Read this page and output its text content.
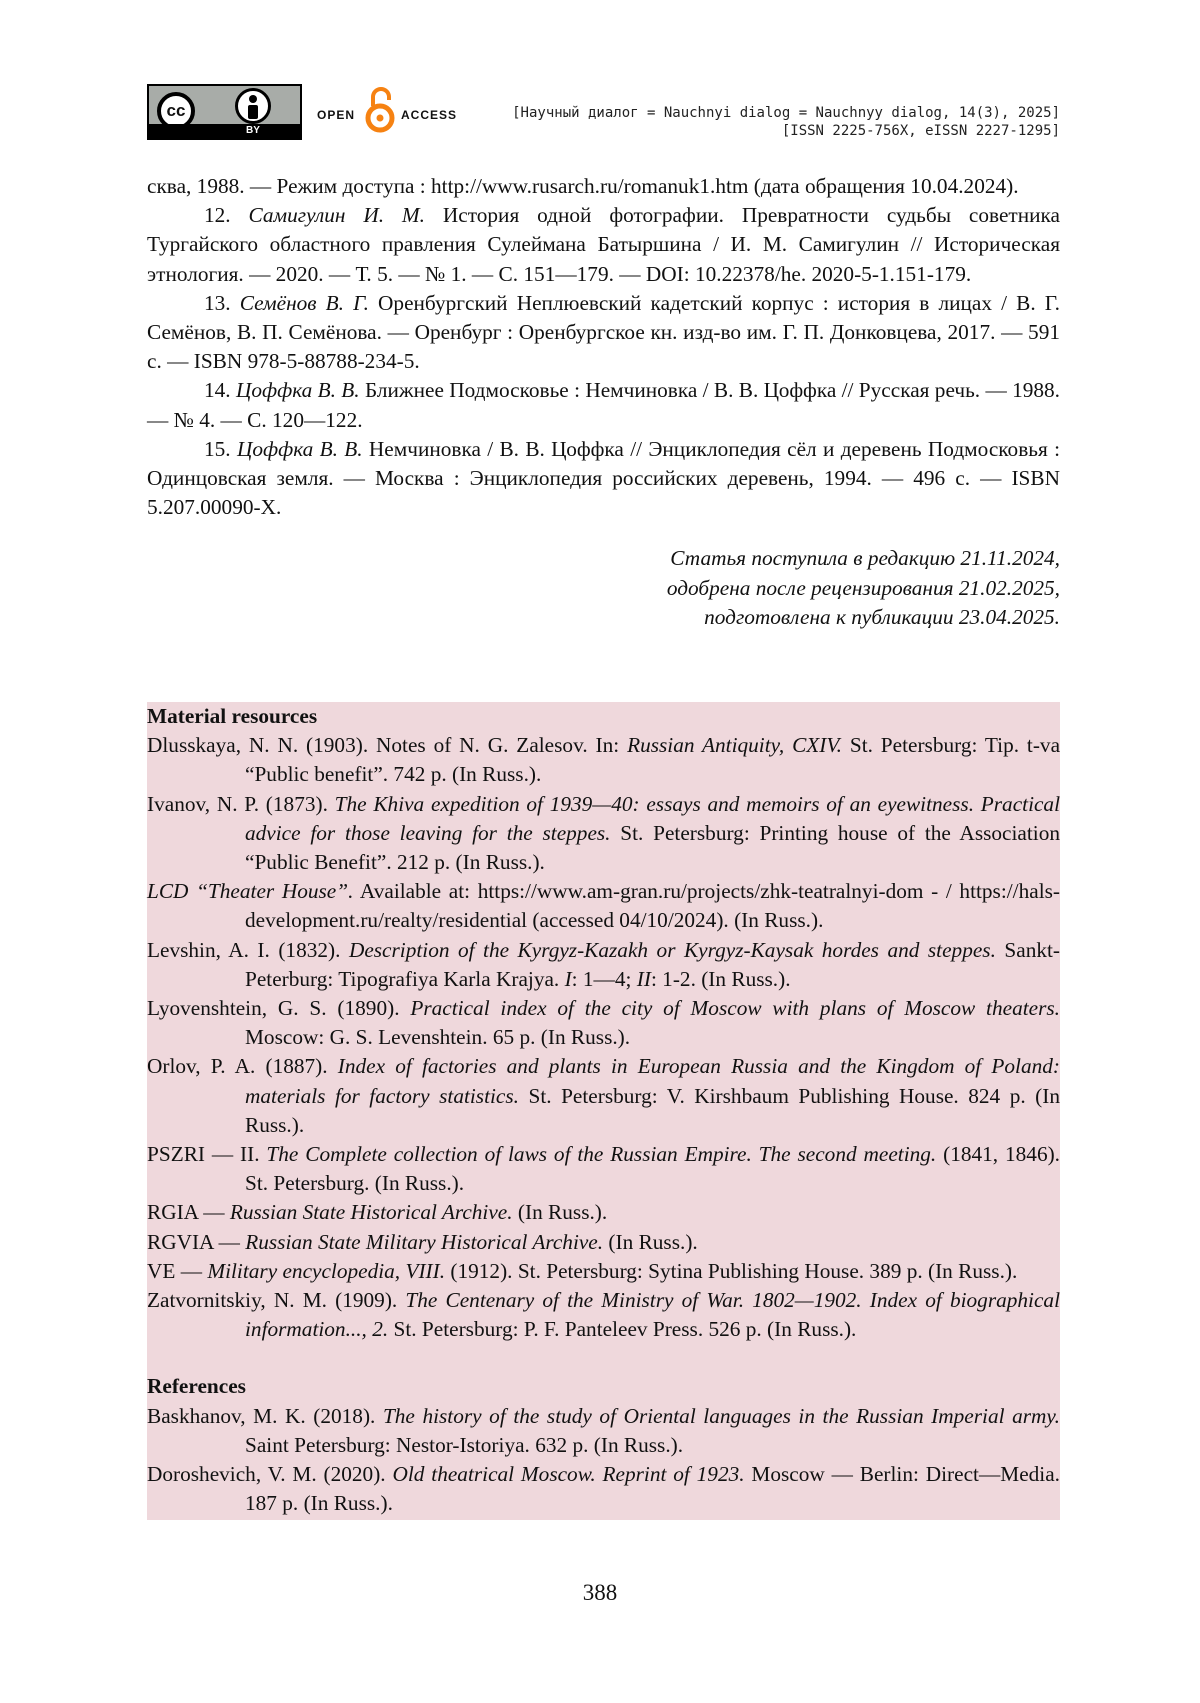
cc
BY
OPEN	ACCESS	[Научный диалог = Nauchnyi dialog = Nauchnyy dialog, 14(3), 2025]
[ISSN 2225-756X, eISSN 2227-1295]

сква, 1988. — Режим доступа : http://www.rusarch.ru/romanuk1.htm (дата обращения 10.04.2024).

12. Самигулин И. М. История одной фотографии. Превратности судьбы советника Тургайского областного правления Сулеймана Батыршина / И. М. Самигулин // Историческая этнология. — 2020. — Т. 5. — № 1. — С. 151—179. — DOI: 10.22378/he. 2020-5-1.151-179.

13. Семёнов В. Г. Оренбургский Неплюевский кадетский корпус : история в лицах / В. Г. Семёнов, В. П. Семёнова. — Оренбург : Оренбургское кн. изд-во им. Г. П. Донковцева, 2017. — 591 с. — ISBN 978-5-88788-234-5.

14. Цоффка В. В. Ближнее Подмосковье : Немчиновка / В. В. Цоффка // Русская речь. — 1988. — № 4. — С. 120—122.

15. Цоффка В. В. Немчиновка / В. В. Цоффка // Энциклопедия сёл и деревень Подмосковья : Одинцовская земля. — Москва : Энциклопедия российских деревень, 1994. — 496 с. — ISBN 5.207.00090-X.

Статья поступила в редакцию 21.11.2024,
одобрена после рецензирования 21.02.2025,
подготовлена к публикации 23.04.2025.

Material resources
Dlusskaya, N. N. (1903). Notes of N. G. Zalesov. In: Russian Antiquity, CXIV. St. Petersburg: Tip. t-va “Public benefit”. 742 p. (In Russ.).
Ivanov, N. P. (1873). The Khiva expedition of 1939—40: essays and memoirs of an eyewitness. Practical advice for those leaving for the steppes. St. Petersburg: Printing house of the Association “Public Benefit”. 212 p. (In Russ.).
LCD “Theater House”. Available at: https://www.am-gran.ru/projects/zhk-teatralnyi-dom - / https://hals-development.ru/realty/residential (accessed 04/10/2024). (In Russ.).
Levshin, A. I. (1832). Description of the Kyrgyz-Kazakh or Kyrgyz-Kaysak hordes and steppes. Sankt-Peterburg: Tipografiya Karla Krajya. I: 1—4; II: 1-2. (In Russ.).
Lyovenshtein, G. S. (1890). Practical index of the city of Moscow with plans of Moscow theaters. Moscow: G. S. Levenshtein. 65 p. (In Russ.).
Orlov, P. A. (1887). Index of factories and plants in European Russia and the Kingdom of Poland: materials for factory statistics. St. Petersburg: V. Kirshbaum Publishing House. 824 p. (In Russ.).
PSZRI — II. The Complete collection of laws of the Russian Empire. The second meeting. (1841, 1846). St. Petersburg. (In Russ.).
RGIA — Russian State Historical Archive. (In Russ.).
RGVIA — Russian State Military Historical Archive. (In Russ.).
VE — Military encyclopedia, VIII. (1912). St. Petersburg: Sytina Publishing House. 389 p. (In Russ.).
Zatvornitskiy, N. M. (1909). The Centenary of the Ministry of War. 1802—1902. Index of biographical information..., 2. St. Petersburg: P. F. Panteleev Press. 526 p. (In Russ.).
References
Baskhanov, M. K. (2018). The history of the study of Oriental languages in the Russian Imperial army. Saint Petersburg: Nestor-Istoriya. 632 p. (In Russ.).
Doroshevich, V. M. (2020). Old theatrical Moscow. Reprint of 1923. Moscow — Berlin: Direct—Media. 187 p. (In Russ.).
388
